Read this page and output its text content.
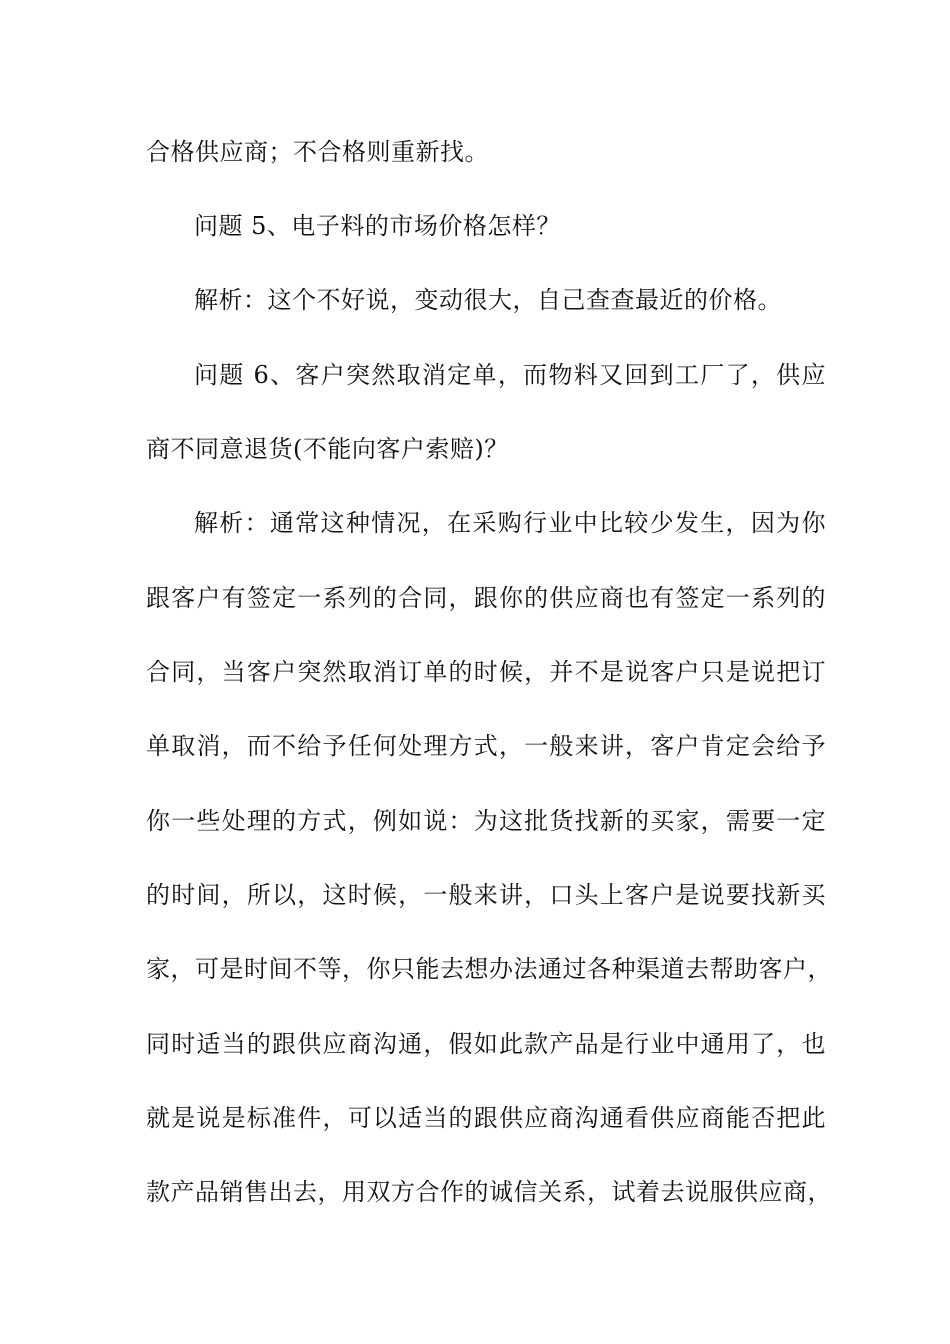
合格供应商；不合格则重新找。
问题 5、电子料的市场价格怎样？
解析：这个不好说，变动很大，自己查查最近的价格。
问题 6、客户突然取消定单，而物料又回到工厂了，供应
商不同意退货(不能向客户索赔)？
解析：通常这种情况，在采购行业中比较少发生，因为你
跟客户有签定一系列的合同，跟你的供应商也有签定一系列的
合同，当客户突然取消订单的时候，并不是说客户只是说把订
单取消，而不给予任何处理方式，一般来讲，客户肯定会给予
你一些处理的方式，例如说：为这批货找新的买家，需要一定
的时间，所以，这时候，一般来讲，口头上客户是说要找新买
家，可是时间不等，你只能去想办法通过各种渠道去帮助客户，
同时适当的跟供应商沟通，假如此款产品是行业中通用了，也
就是说是标准件，可以适当的跟供应商沟通看供应商能否把此
款产品销售出去，用双方合作的诚信关系，试着去说服供应商，
